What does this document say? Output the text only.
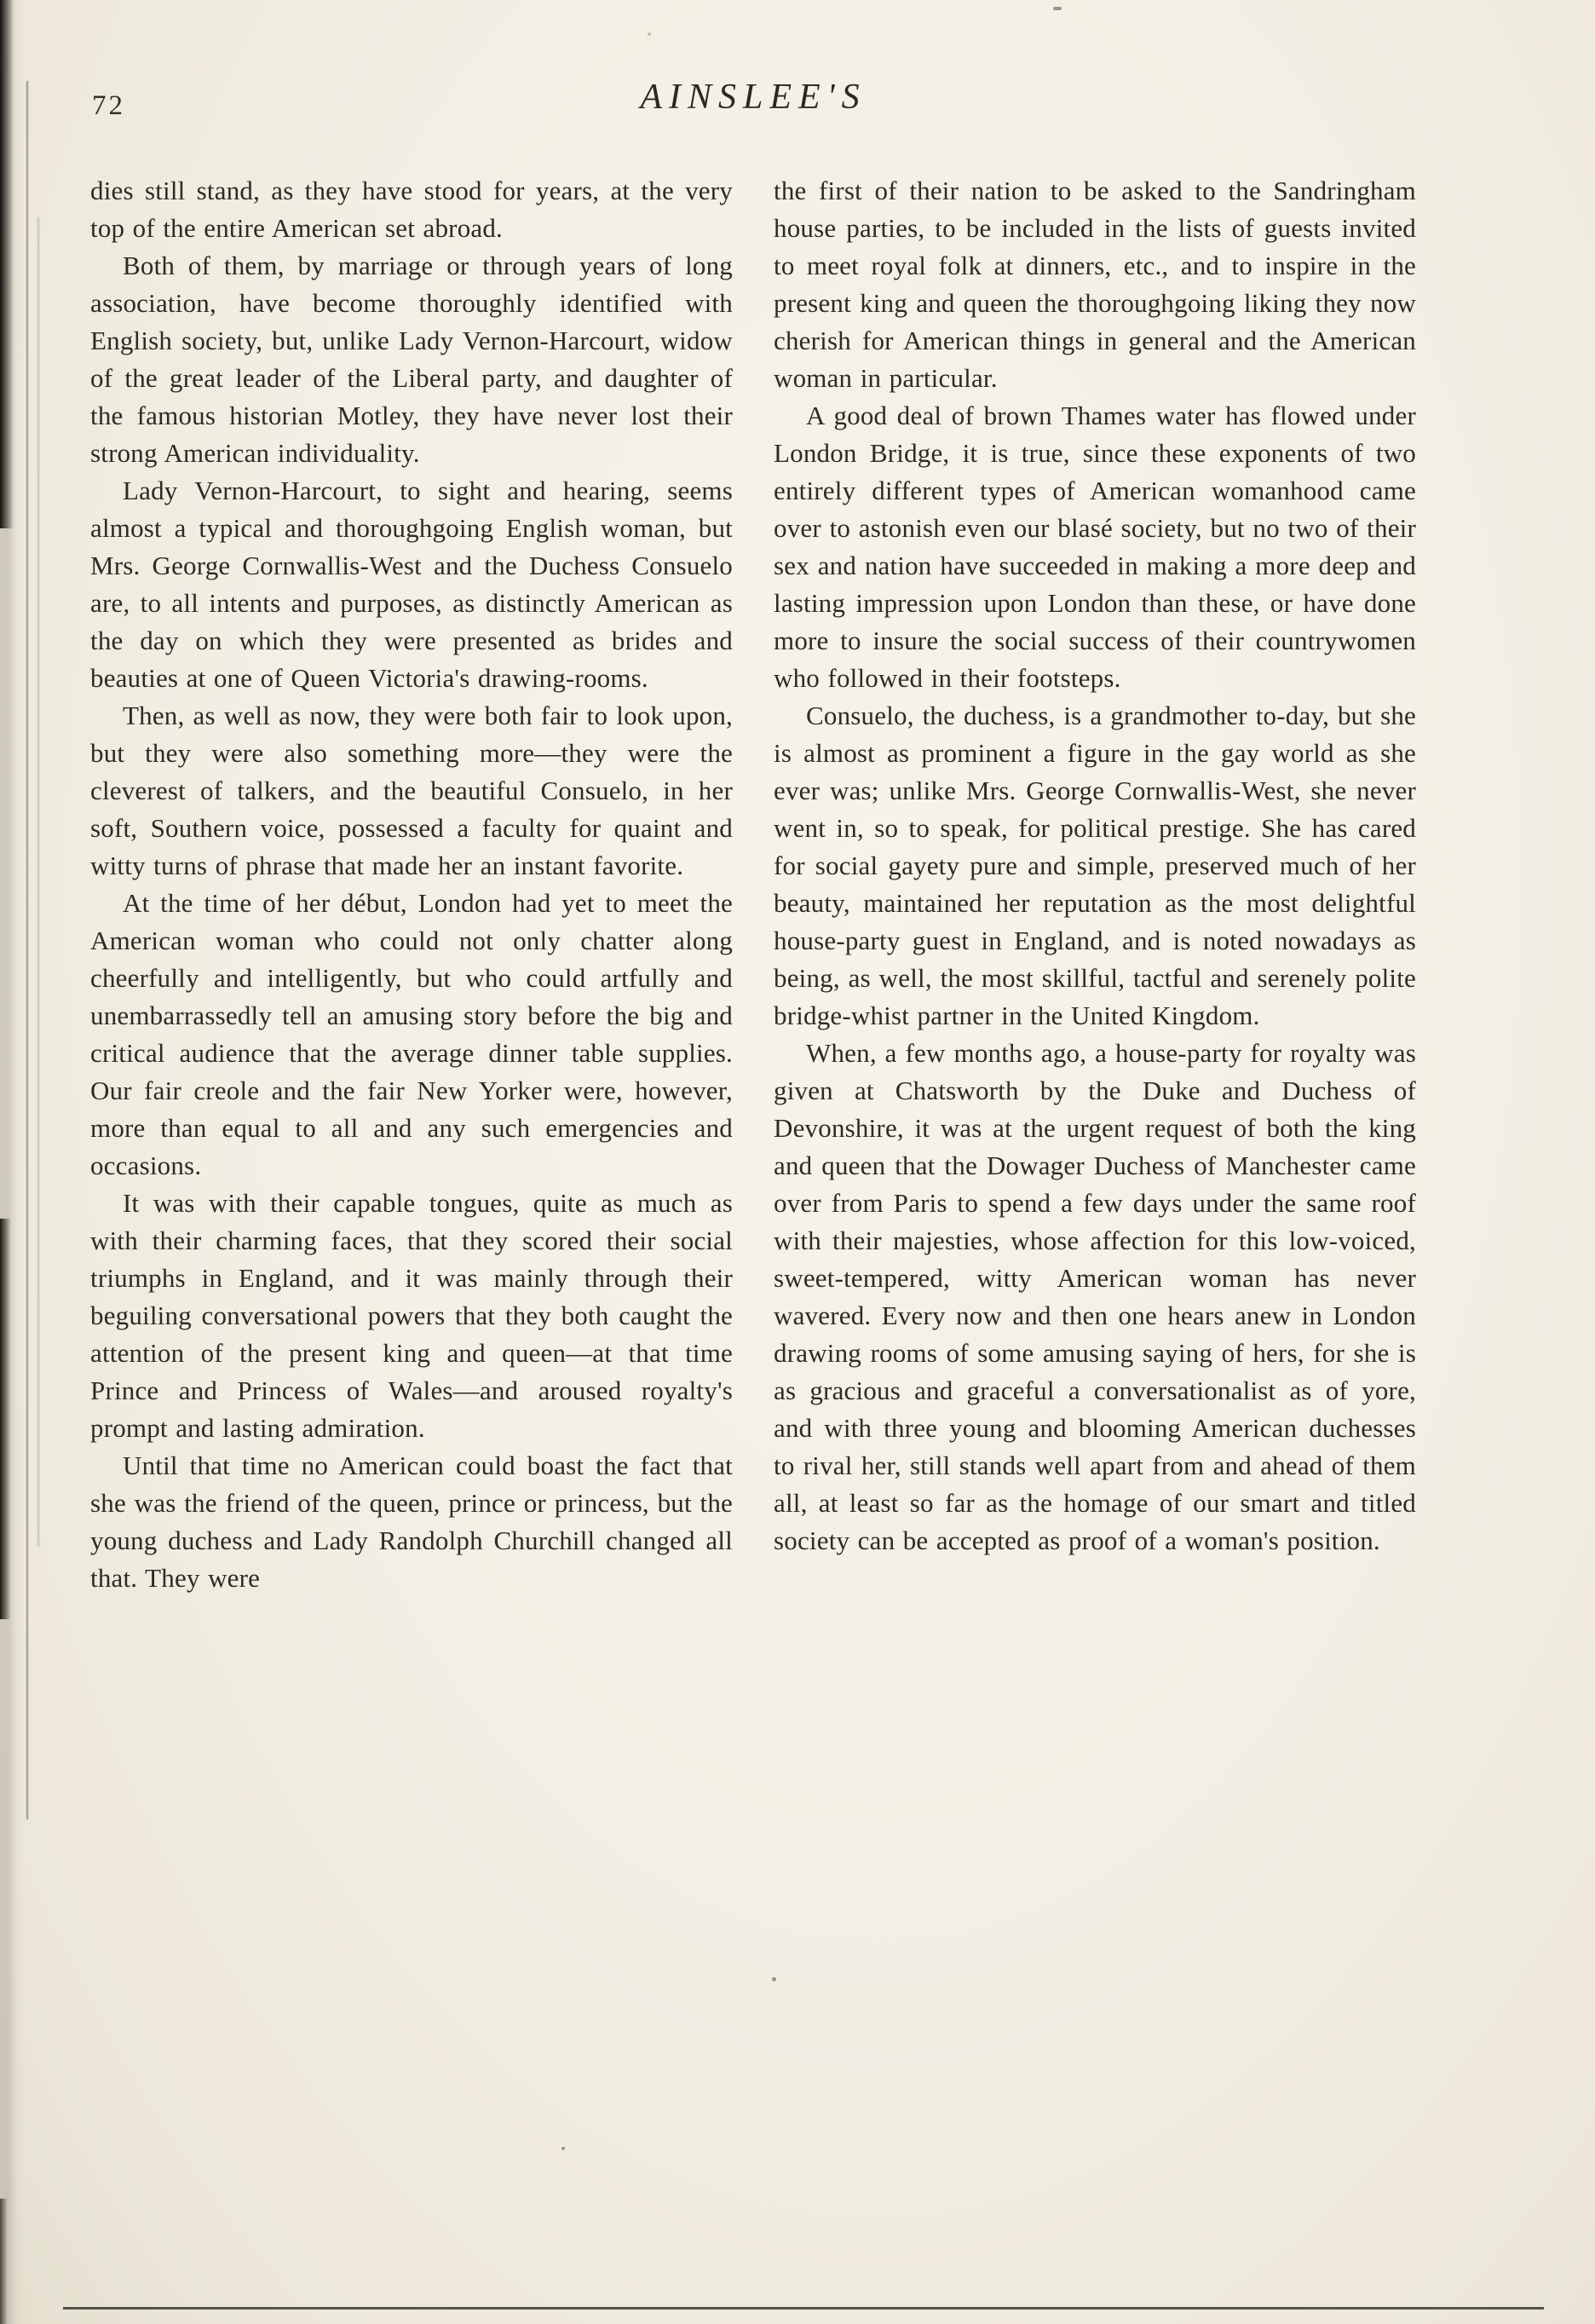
72	AINSLEE'S

dies still stand, as they have stood for years, at the very top of the entire American set abroad.

Both of them, by marriage or through years of long association, have become thoroughly identified with English society, but, unlike Lady Vernon-Harcourt, widow of the great leader of the Liberal party, and daughter of the famous historian Motley, they have never lost their strong American individuality.

Lady Vernon-Harcourt, to sight and hearing, seems almost a typical and thoroughgoing English woman, but Mrs. George Cornwallis-West and the Duchess Consuelo are, to all intents and purposes, as distinctly American as the day on which they were presented as brides and beauties at one of Queen Victoria's drawing-rooms.

Then, as well as now, they were both fair to look upon, but they were also something more—they were the cleverest of talkers, and the beautiful Consuelo, in her soft, Southern voice, possessed a faculty for quaint and witty turns of phrase that made her an instant favorite.

At the time of her début, London had yet to meet the American woman who could not only chatter along cheerfully and intelligently, but who could artfully and unembarrassedly tell an amusing story before the big and critical audience that the average dinner table supplies. Our fair creole and the fair New Yorker were, however, more than equal to all and any such emergencies and occasions.

It was with their capable tongues, quite as much as with their charming faces, that they scored their social triumphs in England, and it was mainly through their beguiling conversational powers that they both caught the attention of the present king and queen—at that time Prince and Princess of Wales—and aroused royalty's prompt and lasting admiration.

Until that time no American could boast the fact that she was the friend of the queen, prince or princess, but the young duchess and Lady Randolph Churchill changed all that. They were

the first of their nation to be asked to the Sandringham house parties, to be included in the lists of guests invited to meet royal folk at dinners, etc., and to inspire in the present king and queen the thoroughgoing liking they now cherish for American things in general and the American woman in particular.

A good deal of brown Thames water has flowed under London Bridge, it is true, since these exponents of two entirely different types of American womanhood came over to astonish even our blasé society, but no two of their sex and nation have succeeded in making a more deep and lasting impression upon London than these, or have done more to insure the social success of their countrywomen who followed in their footsteps.

Consuelo, the duchess, is a grandmother to-day, but she is almost as prominent a figure in the gay world as she ever was; unlike Mrs. George Cornwallis-West, she never went in, so to speak, for political prestige. She has cared for social gayety pure and simple, preserved much of her beauty, maintained her reputation as the most delightful house-party guest in England, and is noted nowadays as being, as well, the most skillful, tactful and serenely polite bridge-whist partner in the United Kingdom.

When, a few months ago, a house-party for royalty was given at Chatsworth by the Duke and Duchess of Devonshire, it was at the urgent request of both the king and queen that the Dowager Duchess of Manchester came over from Paris to spend a few days under the same roof with their majesties, whose affection for this low-voiced, sweet-tempered, witty American woman has never wavered. Every now and then one hears anew in London drawing rooms of some amusing saying of hers, for she is as gracious and graceful a conversationalist as of yore, and with three young and blooming American duchesses to rival her, still stands well apart from and ahead of them all, at least so far as the homage of our smart and titled society can be accepted as proof of a woman's position.
